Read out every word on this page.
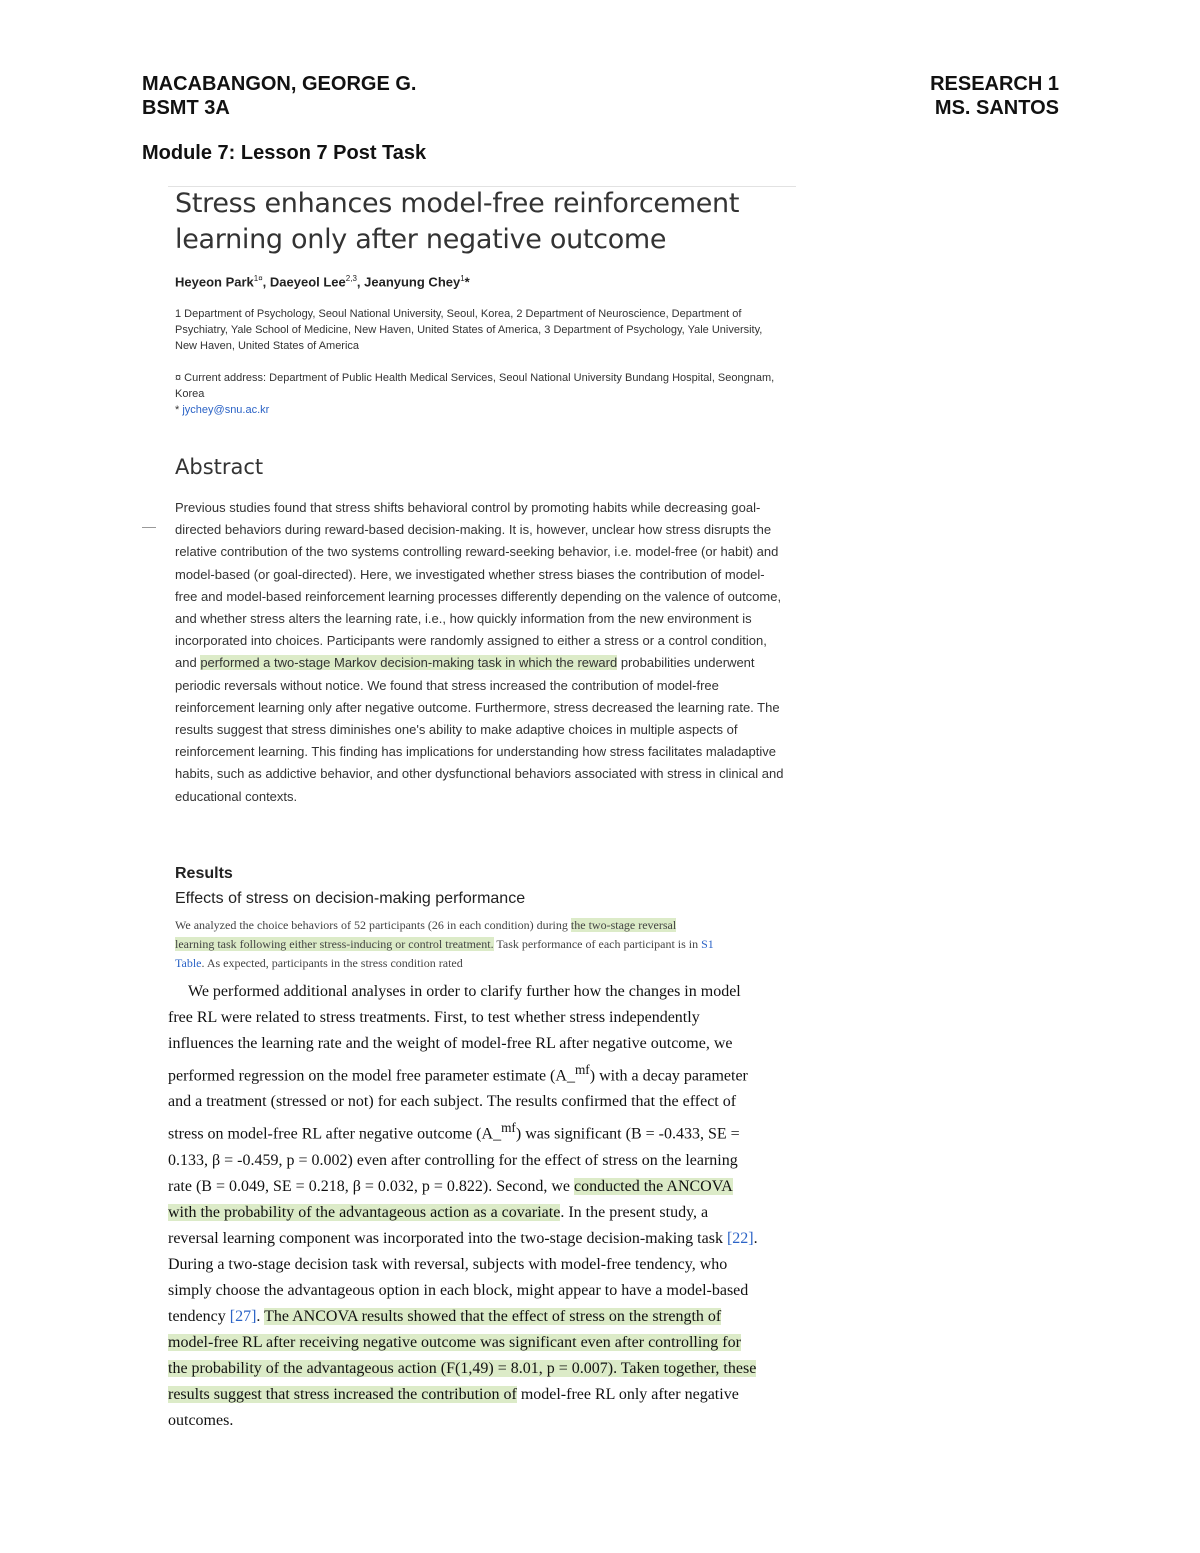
MACABANGON, GEORGE G.
BSMT 3A
RESEARCH 1
MS. SANTOS
Module 7: Lesson 7 Post Task
Stress enhances model-free reinforcement
learning only after negative outcome
Heyeon Park$^{1¤}$, Daeyeol Lee$^{2,3}$, Jeanyung Chey$^1$*
1 Department of Psychology, Seoul National University, Seoul, Korea, 2 Department of Neuroscience, Department of Psychiatry, Yale School of Medicine, New Haven, United States of America, 3 Department of Psychology, Yale University, New Haven, United States of America
¤ Current address: Department of Public Health Medical Services, Seoul National University Bundang Hospital, Seongnam, Korea
* jychey@snu.ac.kr
Abstract
Previous studies found that stress shifts behavioral control by promoting habits while decreasing goal-directed behaviors during reward-based decision-making. It is, however, unclear how stress disrupts the relative contribution of the two systems controlling reward-seeking behavior, i.e. model-free (or habit) and model-based (or goal-directed). Here, we investigated whether stress biases the contribution of model-free and model-based reinforcement learning processes differently depending on the valence of outcome, and whether stress alters the learning rate, i.e., how quickly information from the new environment is incorporated into choices. Participants were randomly assigned to either a stress or a control condition, and performed a two-stage Markov decision-making task in which the reward probabilities underwent periodic reversals without notice. We found that stress increased the contribution of model-free reinforcement learning only after negative outcome. Furthermore, stress decreased the learning rate. The results suggest that stress diminishes one's ability to make adaptive choices in multiple aspects of reinforcement learning. This finding has implications for understanding how stress facilitates maladaptive habits, such as addictive behavior, and other dysfunctional behaviors associated with stress in clinical and educational contexts.
Results
Effects of stress on decision-making performance
We analyzed the choice behaviors of 52 participants (26 in each condition) during the two-stage reversal learning task following either stress-inducing or control treatment. Task performance of each participant is in S1 Table. As expected, participants in the stress condition rated
We performed additional analyses in order to clarify further how the changes in model free RL were related to stress treatments. First, to test whether stress independently influences the learning rate and the weight of model-free RL after negative outcome, we performed regression on the model free parameter estimate (A_$^{mf}$) with a decay parameter and a treatment (stressed or not) for each subject. The results confirmed that the effect of stress on model-free RL after negative outcome (A_$^{mf}$) was significant (B = -0.433, SE = 0.133, β = -0.459, p = 0.002) even after controlling for the effect of stress on the learning rate (B = 0.049, SE = 0.218, β = 0.032, p = 0.822). Second, we conducted the ANCOVA with the probability of the advantageous action as a covariate. In the present study, a reversal learning component was incorporated into the two-stage decision-making task [22]. During a two-stage decision task with reversal, subjects with model-free tendency, who simply choose the advantageous option in each block, might appear to have a model-based tendency [27]. The ANCOVA results showed that the effect of stress on the strength of model-free RL after receiving negative outcome was significant even after controlling for the probability of the advantageous action (F(1,49) = 8.01, p = 0.007). Taken together, these results suggest that stress increased the contribution of model-free RL only after negative outcomes.
